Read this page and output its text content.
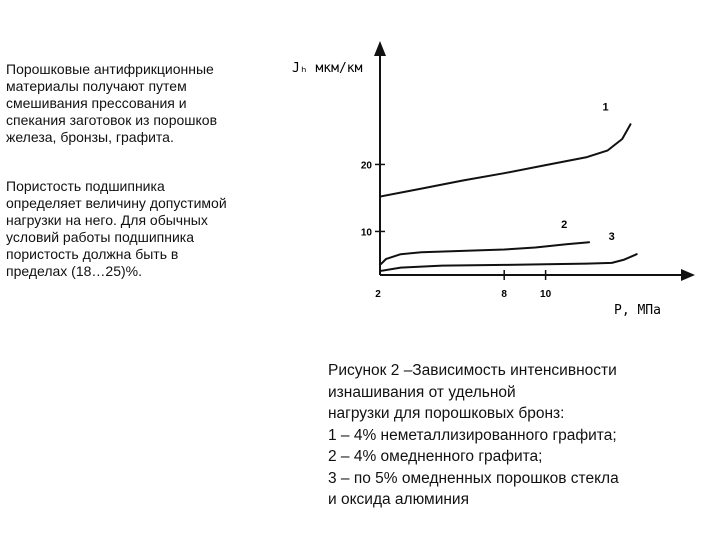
Порошковые антифрикционные
материалы получают путем
смешивания прессования и
спекания заготовок из порошков
железа, бронзы, графита.

Пористость подшипника
определяет величину допустимой
нагрузки на него. Для обычных
условий работы подшипника
пористость должна быть в
пределах (18…25)%.

2	8	10
10
20
1
2
3
Jₕ мкм/км
P, МПа

Рисунок 2 –Зависимость интенсивности
изнашивания от удельной
нагрузки для порошковых бронз:
1 – 4% неметаллизированного графита;
2 – 4% омедненного графита;
3 – по 5% омедненных порошков стекла
и оксида алюминия
